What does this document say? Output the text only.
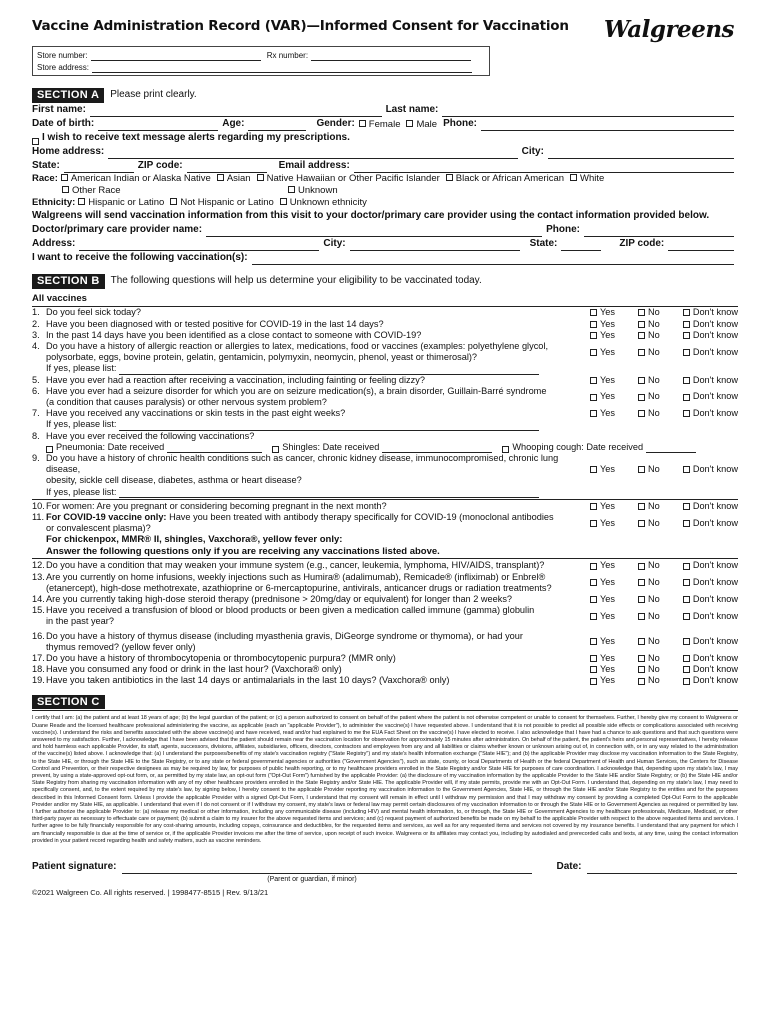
Vaccine Administration Record (VAR)—Informed Consent for Vaccination Walgreens
Store number:	Rx number:
Store address:
SECTION A	Please print clearly.
First name:	Last name:
Date of birth:	Age:	Gender:	Female	Male Phone:
I wish to receive text message alerts regarding my prescriptions.
Home address:	City:
State:	ZIP code:	Email address:
Race:	American Indian or Alaska Native	Asian	Native Hawaiian or Other Pacific Islander	Black or African American	White
Other Race	Unknown
Ethnicity:	Hispanic or Latino	Not Hispanic or Latino	Unknown ethnicity
Walgreens will send vaccination information from this visit to your doctor/primary care provider using the contact information provided below.
Doctor/primary care provider name:	Phone:
Address:	City:	State:	ZIP code:
I want to receive the following vaccination(s):
SECTION B	The following questions will help us determine your eligibility to be vaccinated today.
All vaccines
1. Do you feel sick today?	Yes	No	Don't know
2. Have you been diagnosed with or tested positive for COVID-19 in the last 14 days?	Yes	No	Don't know
3. In the past 14 days have you been identified as a close contact to someone with COVID-19?	Yes	No	Don't know
4. Do you have a history of allergic reaction or allergies to latex, medications, food or vaccines (examples: polyethylene glycol,
polysorbate, eggs, bovine protein, gelatin, gentamicin, polymyxin, neomycin, phenol, yeast or thimerosal)?
Yes	No	Don't know
If yes, please list:
5. Have you ever had a reaction after receiving a vaccination, including fainting or feeling dizzy?	Yes	No	Don't know
6. Have you ever had a seizure disorder for which you are on seizure medication(s), a brain disorder, Guillain-Barré syndrome
(a condition that causes paralysis) or other nervous system problem?
Yes	No	Don't know
7. Have you received any vaccinations or skin tests in the past eight weeks?	Yes	No	Don't know
If yes, please list:
8. Have you ever received the following vaccinations?
Pneumonia: Date received	Shingles: Date received	Whooping cough: Date received
9. Do you have a history of chronic health conditions such as cancer, chronic kidney disease, immunocompromised, chronic lung disease,
obesity, sickle cell disease, diabetes, asthma or heart disease?
Yes	No	Don't know
If yes, please list:
10. For women: Are you pregnant or considering becoming pregnant in the next month?	Yes	No	Don't know
11. For COVID-19 vaccine only: Have you been treated with antibody therapy specifically for COVID-19 (monoclonal antibodies
or convalescent plasma)?
Yes	No	Don't know
For chickenpox, MMR® II, shingles, Vaxchora®, yellow fever only:
Answer the following questions only if you are receiving any vaccinations listed above.
12. Do you have a condition that may weaken your immune system (e.g., cancer, leukemia, lymphoma, HIV/AIDS, transplant)?	Yes	No	Don't know
13. Are you currently on home infusions, weekly injections such as Humira® (adalimumab), Remicade® (infliximab) or Enbrel®
(etanercept), high-dose methotrexate, azathioprine or 6-mercaptopurine, antivirals, anticancer drugs or radiation treatments?
Yes	No	Don't know
14. Are you currently taking high-dose steroid therapy (prednisone > 20mg/day or equivalent) for longer than 2 weeks?	Yes	No	Don't know
15. Have you received a transfusion of blood or blood products or been given a medication called immune (gamma) globulin
in the past year?
Yes	No	Don't know
16. Do you have a history of thymus disease (including myasthenia gravis, DiGeorge syndrome or thymoma), or had your
thymus removed? (yellow fever only)
Yes	No	Don't know
17. Do you have a history of thrombocytopenia or thrombocytopenic purpura? (MMR only)	Yes	No	Don't know
18. Have you consumed any food or drink in the last hour? (Vaxchora® only)	Yes	No	Don't know
19. Have you taken antibiotics in the last 14 days or antimalarials in the last 10 days? (Vaxchora® only)	Yes	No	Don't know
SECTION C
I certify that I am: (a) the patient and at least 18 years of age; (b) the legal guardian of the patient; or (c) a person authorized to consent on behalf of the patient where the patient is not otherwise competent or unable to consent for themselves. Further, I hereby give my consent to Walgreens or Duane Reade and the licensed healthcare professional administering the vaccine, as applicable (each an "applicable Provider"), to administer the vaccine(s) I have requested above. I understand that it is not possible to predict all possible side effects or complications associated with receiving vaccine(s). I understand the risks and benefits associated with the above vaccine(s) and have received, read and/or had explained to me the EUA Fact Sheet on the vaccine(s) I have elected to receive. I also acknowledge that I have had a chance to ask questions and that such questions were answered to my satisfaction. Further, I acknowledge that I have been advised that the patient should remain near the vaccination location for observation for approximately 15 minutes after administration. On behalf of the patient, the patient's heirs and personal representatives, I hereby release and hold harmless each applicable Provider, its staff, agents, successors, divisions, affiliates, subsidiaries, officers, directors, contractors and employees from any and all liabilities or claims whether known or unknown arising out of, in connection with, or in any way related to the administration of the vaccine(s) listed above. I acknowledge that: (a) I understand the purposes/benefits of my state's vaccination registry ("State Registry") and my state's health information exchange ("State HIE"); and (b) the applicable Provider may disclose my vaccination information to the State Registry, to the State HIE, or through the State HIE to the State Registry, or to any state or federal governmental agencies or authorities ("Government Agencies"), such as state, county, or local Departments of Health or the federal Department of Health and Human Services, the Centers for Disease Control and Prevention, or their respective designees as may be required by law, for purposes of public health reporting, or to my healthcare providers enrolled in the State Registry and/or State HIE for purposes of care coordination. I acknowledge that, depending upon my state's law, I may prevent, by using a state-approved opt-out form, or, as permitted by my state law, an opt-out form ("Opt-Out Form") furnished by the applicable Provider: (a) the disclosure of my vaccination information by the applicable Provider to the State HIE and/or State Registry; or (b) the State HIE and/or State Registry from sharing my vaccination information with any of my other healthcare providers enrolled in the State Registry and/or State HIE. The applicable Provider will, if my state permits, provide me with an Opt-Out Form. I understand that, depending on my state's law, I may need to specifically consent, and, to the extent required by my state's law, by signing below, I hereby consent to the applicable Provider reporting my vaccination information to the Government Agencies, State HIE, or through the State HIE and/or State Registry to the entities and for the purposes described in this Informed Consent form. Unless I provide the applicable Provider with a signed Opt-Out Form, I understand that my consent will remain in effect until I withdraw my permission and that I may withdraw my consent by providing a completed Opt-Out Form to the applicable Provider and/or my State HIE, as applicable. I understand that even if I do not consent or if I withdraw my consent, my state's laws or federal law may permit certain disclosures of my vaccination information to or through the State HIE or to Government Agencies as required or permitted by law. I further authorize the applicable Provider to: (a) release my medical or other information, including any communicable disease (including HIV) and mental health information, to, or through, the State HIE or Government Agencies to my healthcare professionals, Medicare, Medicaid, or other third-party payer as necessary to effectuate care or payment; (b) submit a claim to my insurer for the above requested items and services; and (c) request payment of authorized benefits be made on my behalf to the applicable Provider with respect to the above requested items and services. I further agree to be fully financially responsible for any cost-sharing amounts, including copays, coinsurance and deductibles, for the requested items and services, as well as for any requested items and services not covered by my insurance benefits. I understand that any payment for which I am financially responsible is due at the time of service or, if the applicable Provider invoices me after the time of service, upon receipt of such invoice. Walgreens or its affiliates may contact you, including by autodialed and prerecorded calls and texts, at any time, using the contact information provided in your patient record regarding health and safety matters, such as vaccine reminders.
Patient signature:	Date:
(Parent or guardian, if minor)
©2021 Walgreen Co. All rights reserved. | 1998477-8515 | Rev. 9/13/21
